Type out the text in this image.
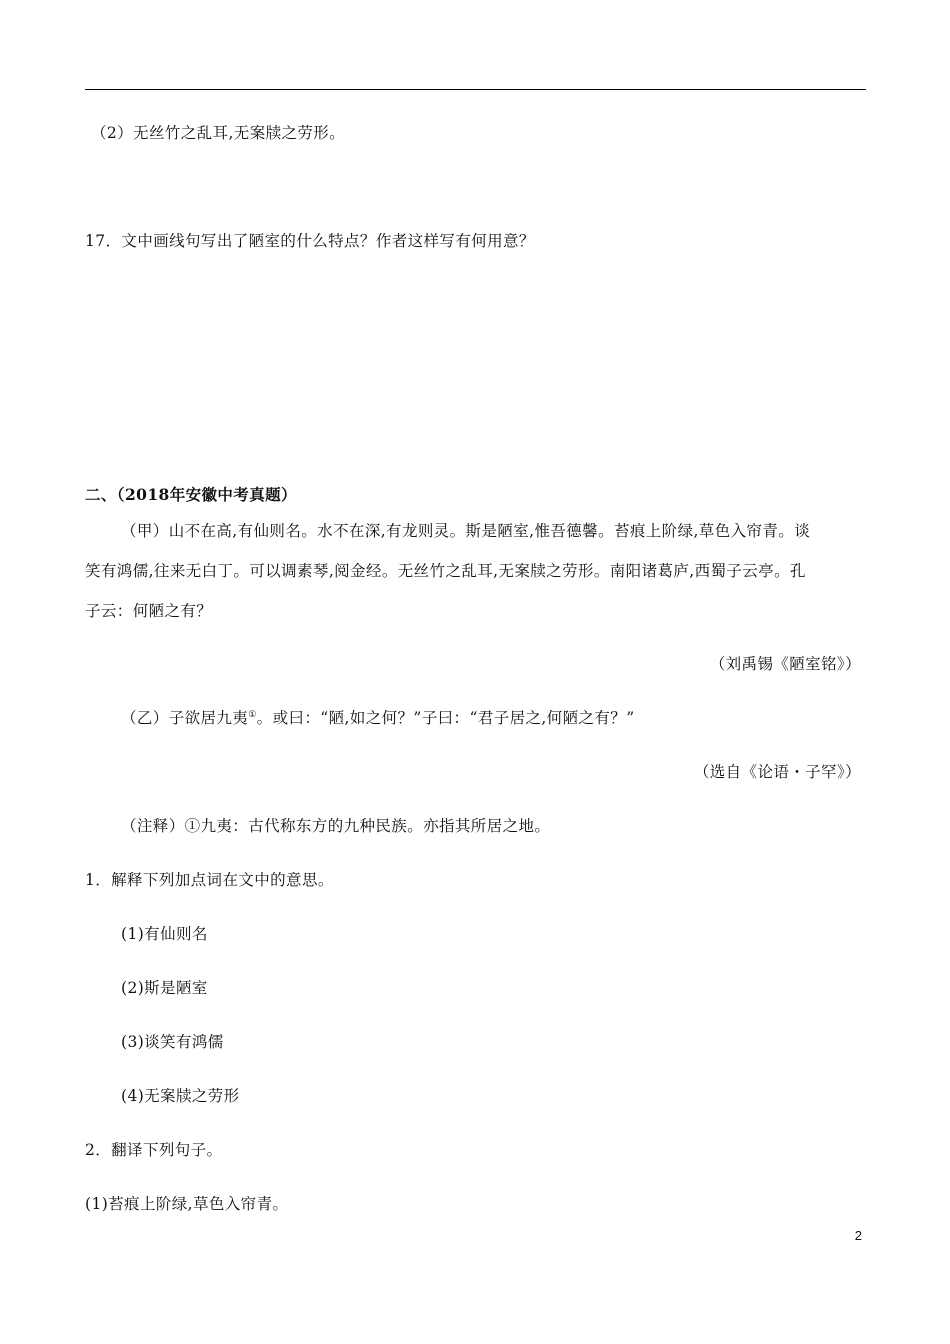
（2）无丝竹之乱耳,无案牍之劳形。
17．文中画线句写出了陋室的什么特点？作者这样写有何用意？
二、（2018年安徽中考真题）
（甲）山不在高,有仙则名。水不在深,有龙则灵。斯是陋室,惟吾德馨。苔痕上阶绿,草色入帘青。谈
笑有鸿儒,往来无白丁。可以调素琴,阅金经。无丝竹之乱耳,无案牍之劳形。南阳诸葛庐,西蜀子云亭。孔
子云：何陋之有？
（刘禹锡《陋室铭》）
（乙）子欲居九夷①。或曰：“陋,如之何？”子曰：“君子居之,何陋之有？”
（选自《论语・子罕》）
（注释）①九夷：古代称东方的九种民族。亦指其所居之地。
1．解释下列加点词在文中的意思。
(1)有仙则名
(2)斯是陋室
(3)谈笑有鸿儒
(4)无案牍之劳形
2．翻译下列句子。
(1)苔痕上阶绿,草色入帘青。
2
